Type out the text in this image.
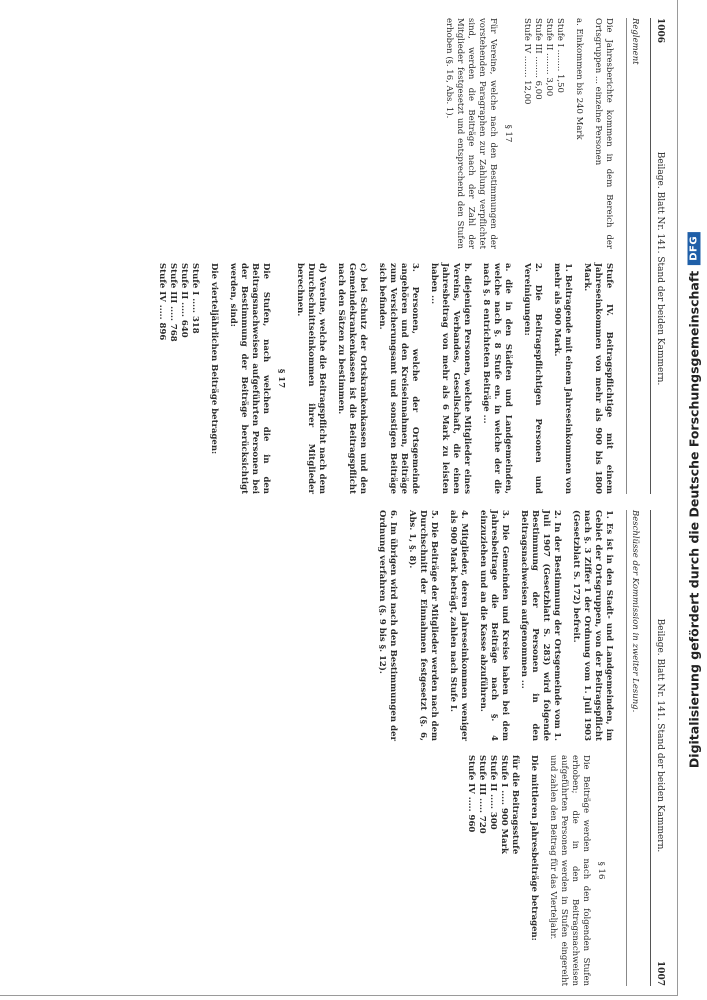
Digitalisierung gefördert durch die Deutsche Forschungsgemeinschaft
DFG
1006
Beilage. Blatt Nr. 141. Stand der beiden Kammern.
Reglement
Die Jahresberichte kommen in dem Bereich der Ortsgruppen ... einzelne Personen
a. Einkommen bis 240 Mark
Stufe I ........ 1,50
Stufe II ........ 3,00
Stufe III ........ 6,00
Stufe IV ........ 12,00
§ 17
Für Vereine, welche nach den Bestimmungen der vorstehenden Paragraphen zur Zahlung verpflichtet sind, werden die Beiträge nach der Zahl der Mitglieder festgesetzt und entsprechend den Stufen erhoben (§. 16, Abs. 1).
Stufe IV. Beitragspflichtige mit einem Jahreseinkommen von mehr als 900 bis 1800 Mark.
1. Beitragende mit einem Jahreseinkommen von mehr als 900 Mark.
2. Die Beitragspflichtigen Personen und Vereinigungen:
a. die in den Städten und Landgemeinden, welche nach §. 8 Stufe en. in welche der die nach §. 8 entrichteten Beiträge ...
b. diejenigen Personen, welche Mitglieder eines Vereins, Verbandes, Gesellschaft, die einen Jahresbeitrag von mehr als 6 Mark zu leisten haben ...
3. Personen, welche der Ortsgemeinde angehören und den Kreiseinnahmen, Beiträge zum Versicherungsamt und sonstigen Beiträge sich befinden.
c) bei Schutz der Ortskrankenkassen und den Gemeindekrankenkassen ist die Beitragspflicht nach den Sätzen zu bestimmen.
d) Vereine, welche die Beitragspflicht nach dem Durchschnittseinkommen ihrer Mitglieder berechnen.
§ 17
Die Stufen, nach welchen die in den Beitragsnachweisen aufgeführten Personen bei der Bestimmung der Beiträge berücksichtigt werden, sind:
Die vierteljährlichen Beiträge betragen:
Stufe I ..... 318
Stufe II ..... 640
Stufe III ..... 768
Stufe IV ..... 896
Beilage. Blatt Nr. 141. Stand der beiden Kammern.
1007
Beschlüsse der Kommission in zweiter Lesung.
1. Es ist in den Stadt- und Landgemeinden, im Gebiet der Ortsgruppen, von der Beitragspflicht nach §. 3 Ziffer 1 der Ordnung vom 1. Juli 1903 (Gesetzblatt S. 172) befreit.
2. In der Bestimmung der Ortsgemeinde vom 1. Juli 1907 (Gesetzblatt S. 283) wird folgende Bestimmung der Personen in den Beitragsnachweisen aufgenommen ...
3. Die Gemeinden und Kreise haben bei dem Jahresbeitrage die Beiträge nach §. 4 einzuziehen und an die Kasse abzuführen.
4. Mitglieder, deren Jahreseinkommen weniger als 900 Mark beträgt, zahlen nach Stufe I.
5. Die Beiträge der Mitglieder werden nach dem Durchschnitt der Einnahmen festgesetzt (§. 6, Abs. 1, §. 8).
6. Im übrigen wird nach den Bestimmungen der Ordnung verfahren (§. 9 bis §. 12).
§ 16
Die Beiträge werden nach den folgenden Stufen erhoben; die in den Beitragsnachweisen aufgeführten Personen werden in Stufen eingereiht und zahlen den Beitrag für das Vierteljahr.
Die mittleren Jahresbeiträge betragen:
für die Beitragsstufe
Stufe I ..... 900 Mark
Stufe II ..... 300
Stufe III ..... 720
Stufe IV ..... 960
